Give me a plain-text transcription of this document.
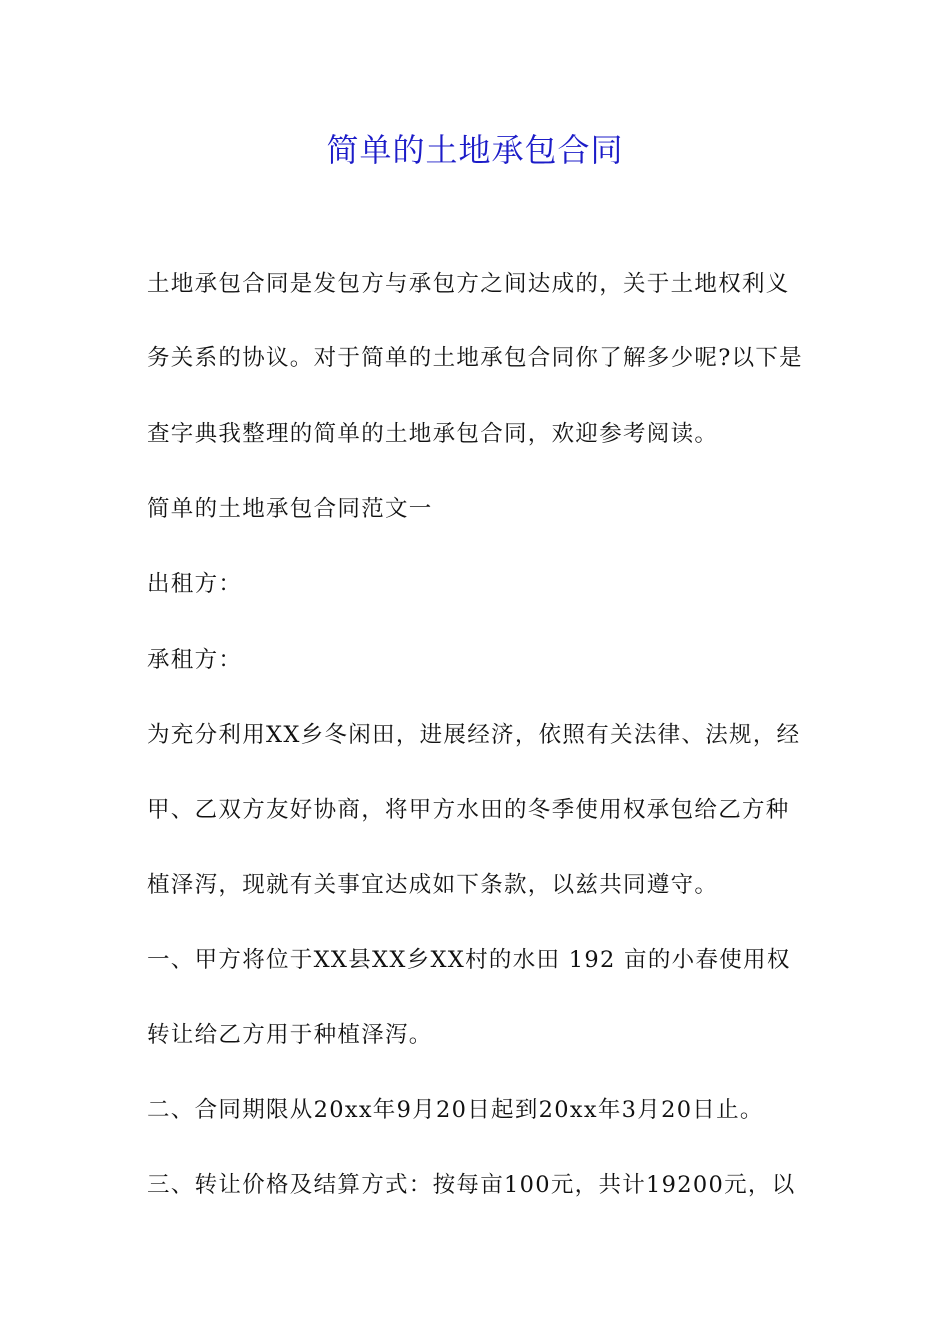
简单的土地承包合同

土地承包合同是发包方与承包方之间达成的，关于土地权利义

务关系的协议。对于简单的土地承包合同你了解多少呢?以下是

查字典我整理的简单的土地承包合同，欢迎参考阅读。

简单的土地承包合同范文一

出租方：

承租方：

为充分利用XX乡冬闲田，进展经济，依照有关法律、法规，经

甲、乙双方友好协商，将甲方水田的冬季使用权承包给乙方种

植泽泻，现就有关事宜达成如下条款，以兹共同遵守。

一、甲方将位于XX县XX乡XX村的水田 192 亩的小春使用权

转让给乙方用于种植泽泻。

二、合同期限从20xx年9月20日起到20xx年3月20日止。

三、转让价格及结算方式：按每亩100元，共计19200元，以
